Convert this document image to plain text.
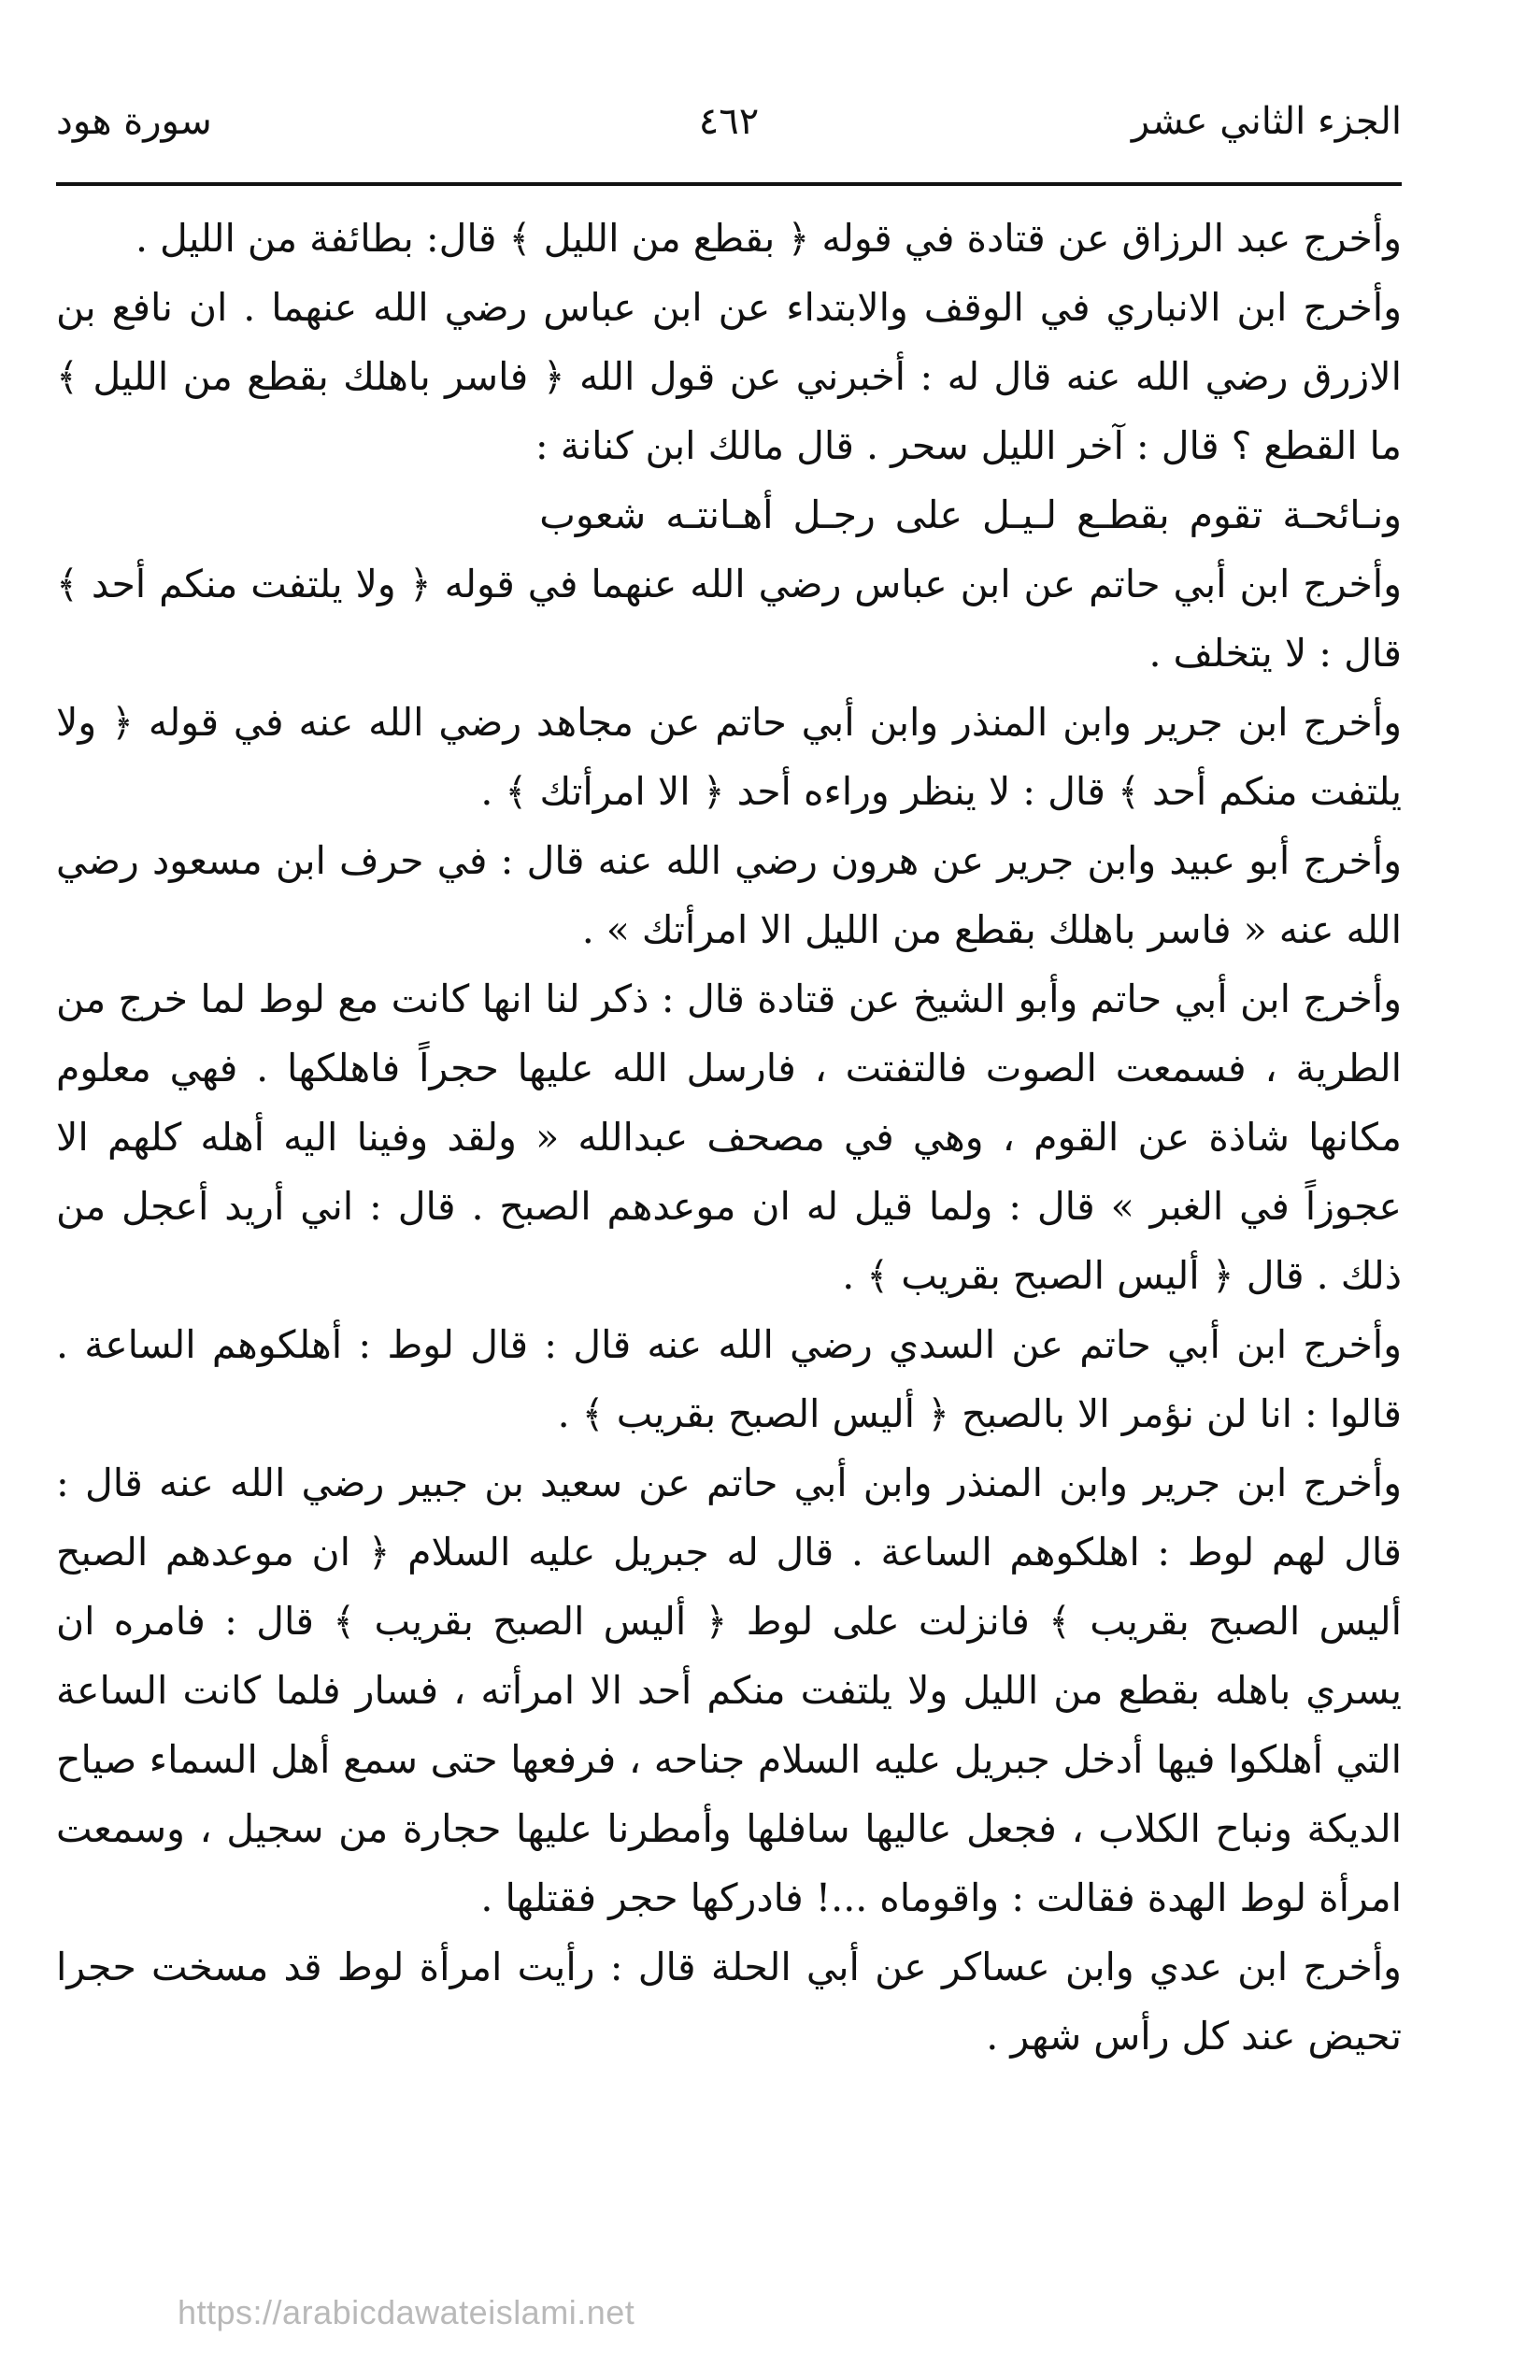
الجزء الثاني عشر
٤٦٢
سورة هود

وأخرج عبد الرزاق عن قتادة في قوله ﴿ بقطع من الليل ﴾ قال: بطائفة من الليل .

وأخرج ابن الانباري في الوقف والابتداء عن ابن عباس رضي الله عنهما . ان نافع بن الازرق رضي الله عنه قال له : أخبرني عن قول الله ﴿ فاسر باهلك بقطع من الليل ﴾ ما القطع ؟ قال : آخر الليل سحر . قال مالك ابن كنانة :

ونـائحـة تقوم بقطـع لـيـل على رجـل أهـانتـه شعوب

وأخرج ابن أبي حاتم عن ابن عباس رضي الله عنهما في قوله ﴿ ولا يلتفت منكم أحد ﴾ قال : لا يتخلف .

وأخرج ابن جرير وابن المنذر وابن أبي حاتم عن مجاهد رضي الله عنه في قوله ﴿ ولا يلتفت منكم أحد ﴾ قال : لا ينظر وراءه أحد ﴿ الا امرأتك ﴾ .

وأخرج أبو عبيد وابن جرير عن هرون رضي الله عنه قال : في حرف ابن مسعود رضي الله عنه « فاسر باهلك بقطع من الليل الا امرأتك » .

وأخرج ابن أبي حاتم وأبو الشيخ عن قتادة قال : ذكر لنا انها كانت مع لوط لما خرج من الطرية ، فسمعت الصوت فالتفتت ، فارسل الله عليها حجراً فاهلكها . فهي معلوم مكانها شاذة عن القوم ، وهي في مصحف عبدالله « ولقد وفينا اليه أهله كلهم الا عجوزاً في الغبر » قال : ولما قيل له ان موعدهم الصبح . قال : اني أريد أعجل من ذلك . قال ﴿ أليس الصبح بقريب ﴾ .

وأخرج ابن أبي حاتم عن السدي رضي الله عنه قال : قال لوط : أهلكوهم الساعة . قالوا : انا لن نؤمر الا بالصبح ﴿ أليس الصبح بقريب ﴾ .

وأخرج ابن جرير وابن المنذر وابن أبي حاتم عن سعيد بن جبير رضي الله عنه قال : قال لهم لوط : اهلكوهم الساعة . قال له جبريل عليه السلام ﴿ ان موعدهم الصبح أليس الصبح بقريب ﴾ فانزلت على لوط ﴿ أليس الصبح بقريب ﴾ قال : فامره ان يسري باهله بقطع من الليل ولا يلتفت منكم أحد الا امرأته ، فسار فلما كانت الساعة التي أهلكوا فيها أدخل جبريل عليه السلام جناحه ، فرفعها حتى سمع أهل السماء صياح الديكة ونباح الكلاب ، فجعل عاليها سافلها وأمطرنا عليها حجارة من سجيل ، وسمعت امرأة لوط الهدة فقالت : واقوماه ...! فادركها حجر فقتلها .

وأخرج ابن عدي وابن عساكر عن أبي الحلة قال : رأيت امرأة لوط قد مسخت حجرا تحيض عند كل رأس شهر .

https://arabicdawateislami.net
